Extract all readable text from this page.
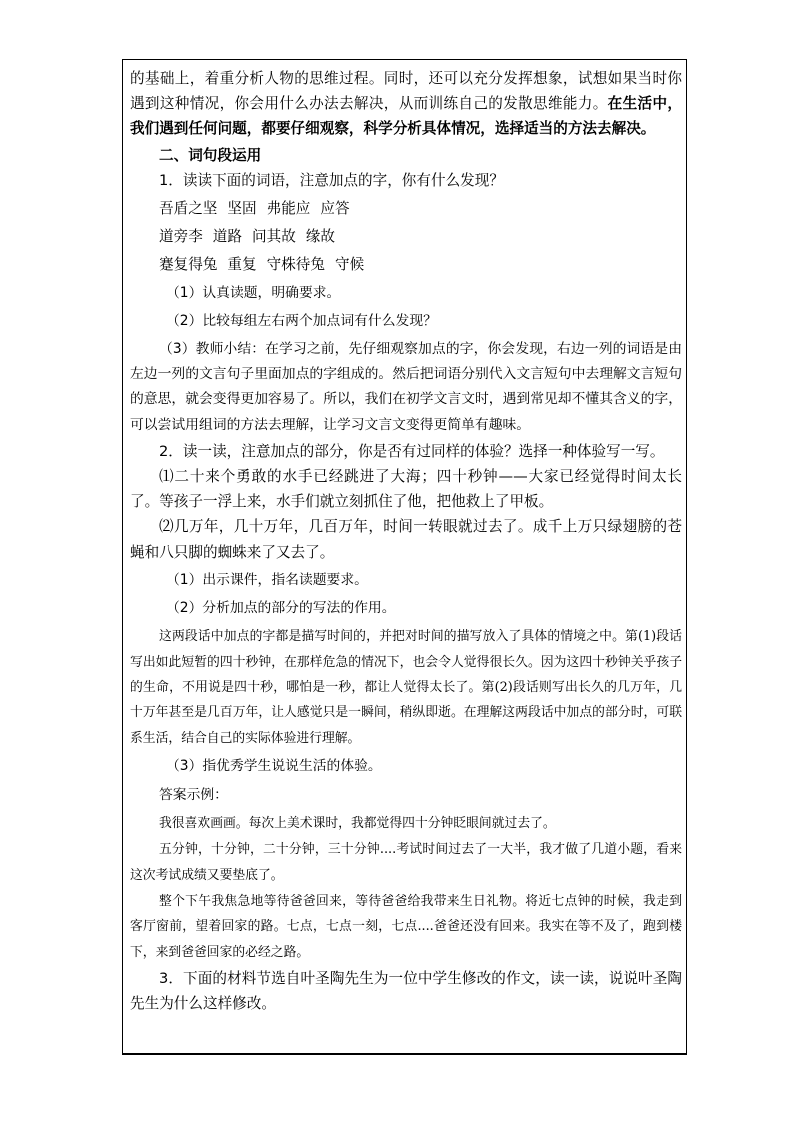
的基础上，着重分析人物的思维过程。同时，还可以充分发挥想象，试想如果当时你遇到这种情况，你会用什么办法去解决，从而训练自己的发散思维能力。在生活中，我们遇到任何问题，都要仔细观察，科学分析具体情况，选择适当的方法去解决。

二、词句段运用

1．读读下面的词语，注意加点的字，你有什么发现？

吾盾之坚 坚固 弗能应 应答

道旁李 道路 问其故 缘故

蹇复得兔 重复 守株待兔 守候

（1）认真读题，明确要求。

（2）比较每组左右两个加点词有什么发现？

（3）教师小结：在学习之前，先仔细观察加点的字，你会发现，右边一列的词语是由左边一列的文言句子里面加点的字组成的。然后把词语分别代入文言短句中去理解文言短句的意思，就会变得更加容易了。所以，我们在初学文言文时，遇到常见却不懂其含义的字，可以尝试用组词的方法去理解，让学习文言文变得更简单有趣味。

2．读一读，注意加点的部分，你是否有过同样的体验？选择一种体验写一写。

⑴二十来个勇敢的水手已经跳进了大海；四十秒钟——大家已经觉得时间太长了。等孩子一浮上来，水手们就立刻抓住了他，把他救上了甲板。

⑵几万年，几十万年，几百万年，时间一转眼就过去了。成千上万只绿翅膀的苍蝇和八只脚的蜘蛛来了又去了。

（1）出示课件，指名读题要求。

（2）分析加点的部分的写法的作用。

这两段话中加点的字都是描写时间的，并把对时间的描写放入了具体的情境之中。第(1)段话写出如此短暂的四十秒钟，在那样危急的情况下，也会令人觉得很长久。因为这四十秒钟关乎孩子的生命，不用说是四十秒，哪怕是一秒，都让人觉得太长了。第(2)段话则写出长久的几万年，几十万年甚至是几百万年，让人感觉只是一瞬间，稍纵即逝。在理解这两段话中加点的部分时，可联系生活，结合自己的实际体验进行理解。

（3）指优秀学生说说生活的体验。

答案示例：

我很喜欢画画。每次上美术课时，我都觉得四十分钟眨眼间就过去了。

五分钟，十分钟，二十分钟，三十分钟....考试时间过去了一大半，我才做了几道小题，看来这次考试成绩又要垫底了。

整个下午我焦急地等待爸爸回来，等待爸爸给我带来生日礼物。将近七点钟的时候，我走到客厅窗前，望着回家的路。七点，七点一刻，七点....爸爸还没有回来。我实在等不及了，跑到楼下，来到爸爸回家的必经之路。

3．下面的材料节选自叶圣陶先生为一位中学生修改的作文，读一读，说说叶圣陶先生为什么这样修改。
